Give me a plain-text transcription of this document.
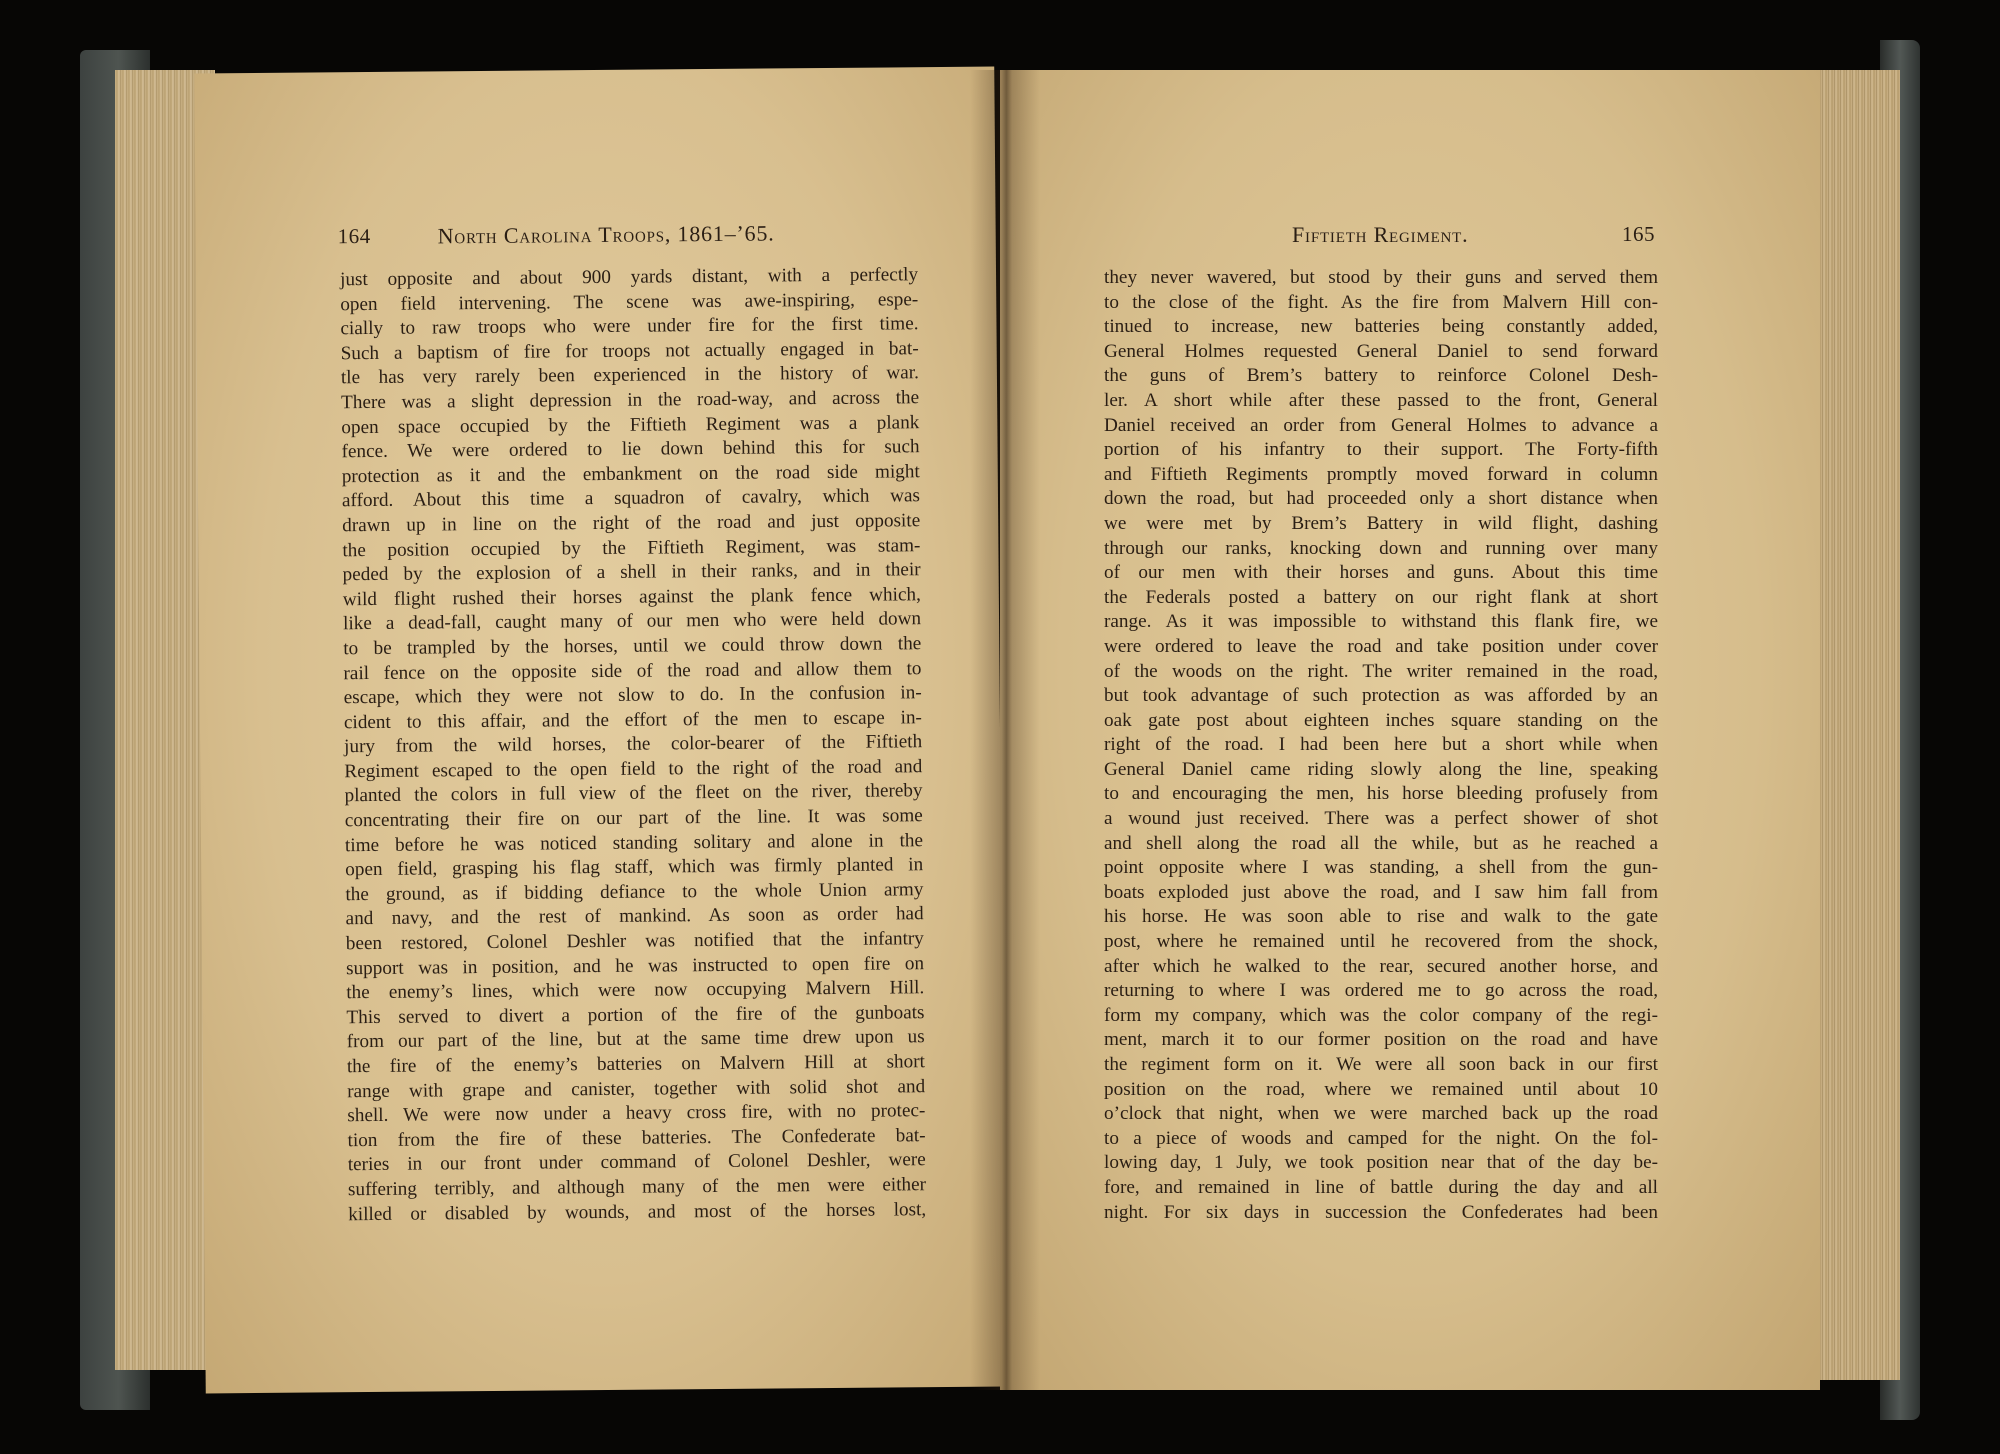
164	North Carolina Troops, 1861–’65.
just opposite and about 900 yards distant, with a perfectly
open field intervening. The scene was awe-inspiring, espe-
cially to raw troops who were under fire for the first time.
Such a baptism of fire for troops not actually engaged in bat-
tle has very rarely been experienced in the history of war.
There was a slight depression in the road-way, and across the
open space occupied by the Fiftieth Regiment was a plank
fence. We were ordered to lie down behind this for such
protection as it and the embankment on the road side might
afford. About this time a squadron of cavalry, which was
drawn up in line on the right of the road and just opposite
the position occupied by the Fiftieth Regiment, was stam-
peded by the explosion of a shell in their ranks, and in their
wild flight rushed their horses against the plank fence which,
like a dead-fall, caught many of our men who were held down
to be trampled by the horses, until we could throw down the
rail fence on the opposite side of the road and allow them to
escape, which they were not slow to do. In the confusion in-
cident to this affair, and the effort of the men to escape in-
jury from the wild horses, the color-bearer of the Fiftieth
Regiment escaped to the open field to the right of the road and
planted the colors in full view of the fleet on the river, thereby
concentrating their fire on our part of the line. It was some
time before he was noticed standing solitary and alone in the
open field, grasping his flag staff, which was firmly planted in
the ground, as if bidding defiance to the whole Union army
and navy, and the rest of mankind. As soon as order had
been restored, Colonel Deshler was notified that the infantry
support was in position, and he was instructed to open fire on
the enemy’s lines, which were now occupying Malvern Hill.
This served to divert a portion of the fire of the gunboats
from our part of the line, but at the same time drew upon us
the fire of the enemy’s batteries on Malvern Hill at short
range with grape and canister, together with solid shot and
shell. We were now under a heavy cross fire, with no protec-
tion from the fire of these batteries. The Confederate bat-
teries in our front under command of Colonel Deshler, were
suffering terribly, and although many of the men were either
killed or disabled by wounds, and most of the horses lost,
Fiftieth Regiment.	165
they never wavered, but stood by their guns and served them
to the close of the fight. As the fire from Malvern Hill con-
tinued to increase, new batteries being constantly added,
General Holmes requested General Daniel to send forward
the guns of Brem’s battery to reinforce Colonel Desh-
ler. A short while after these passed to the front, General
Daniel received an order from General Holmes to advance a
portion of his infantry to their support. The Forty-fifth
and Fiftieth Regiments promptly moved forward in column
down the road, but had proceeded only a short distance when
we were met by Brem’s Battery in wild flight, dashing
through our ranks, knocking down and running over many
of our men with their horses and guns. About this time
the Federals posted a battery on our right flank at short
range. As it was impossible to withstand this flank fire, we
were ordered to leave the road and take position under cover
of the woods on the right. The writer remained in the road,
but took advantage of such protection as was afforded by an
oak gate post about eighteen inches square standing on the
right of the road. I had been here but a short while when
General Daniel came riding slowly along the line, speaking
to and encouraging the men, his horse bleeding profusely from
a wound just received. There was a perfect shower of shot
and shell along the road all the while, but as he reached a
point opposite where I was standing, a shell from the gun-
boats exploded just above the road, and I saw him fall from
his horse. He was soon able to rise and walk to the gate
post, where he remained until he recovered from the shock,
after which he walked to the rear, secured another horse, and
returning to where I was ordered me to go across the road,
form my company, which was the color company of the regi-
ment, march it to our former position on the road and have
the regiment form on it. We were all soon back in our first
position on the road, where we remained until about 10
o’clock that night, when we were marched back up the road
to a piece of woods and camped for the night. On the fol-
lowing day, 1 July, we took position near that of the day be-
fore, and remained in line of battle during the day and all
night. For six days in succession the Confederates had been
